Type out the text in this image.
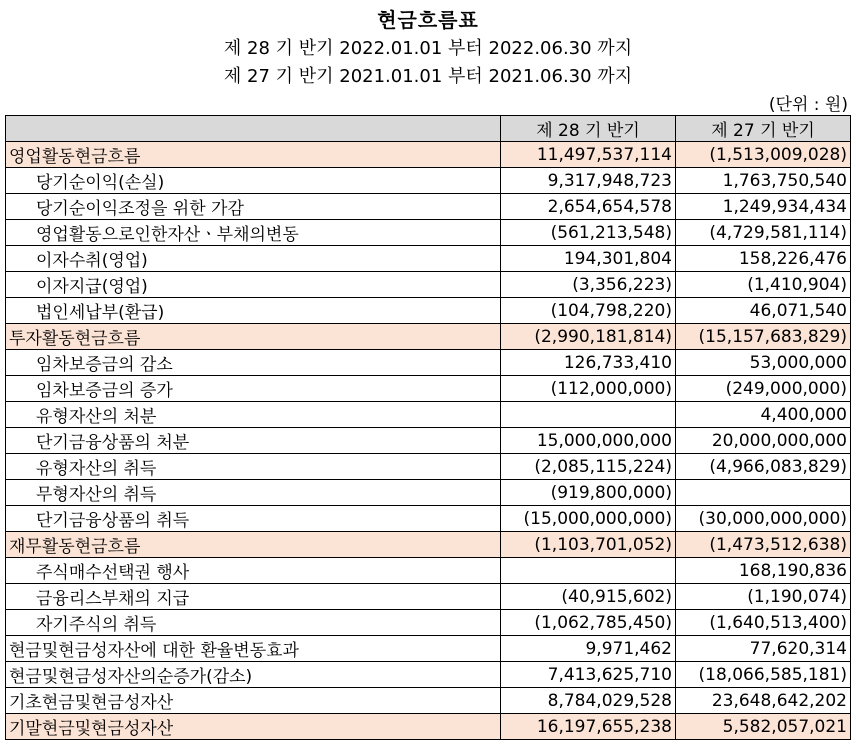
현금흐름표
제 28 기 반기 2022.01.01 부터 2022.06.30 까지
제 27 기 반기 2021.01.01 부터 2021.06.30 까지
(단위 : 원)
	제 28 기 반기	제 27 기 반기
영업활동현금흐름	11,497,537,114	(1,513,009,028)
당기순이익(손실)	9,317,948,723	1,763,750,540
당기순이익조정을 위한 가감	2,654,654,578	1,249,934,434
영업활동으로인한자산ㆍ부채의변동	(561,213,548)	(4,729,581,114)
이자수취(영업)	194,301,804	158,226,476
이자지급(영업)	(3,356,223)	(1,410,904)
법인세납부(환급)	(104,798,220)	46,071,540
투자활동현금흐름	(2,990,181,814)	(15,157,683,829)
임차보증금의 감소	126,733,410	53,000,000
임차보증금의 증가	(112,000,000)	(249,000,000)
유형자산의 처분		4,400,000
단기금융상품의 처분	15,000,000,000	20,000,000,000
유형자산의 취득	(2,085,115,224)	(4,966,083,829)
무형자산의 취득	(919,800,000)	
단기금융상품의 취득	(15,000,000,000)	(30,000,000,000)
재무활동현금흐름	(1,103,701,052)	(1,473,512,638)
주식매수선택권 행사		168,190,836
금융리스부채의 지급	(40,915,602)	(1,190,074)
자기주식의 취득	(1,062,785,450)	(1,640,513,400)
현금및현금성자산에 대한 환율변동효과	9,971,462	77,620,314
현금및현금성자산의순증가(감소)	7,413,625,710	(18,066,585,181)
기초현금및현금성자산	8,784,029,528	23,648,642,202
기말현금및현금성자산	16,197,655,238	5,582,057,021
